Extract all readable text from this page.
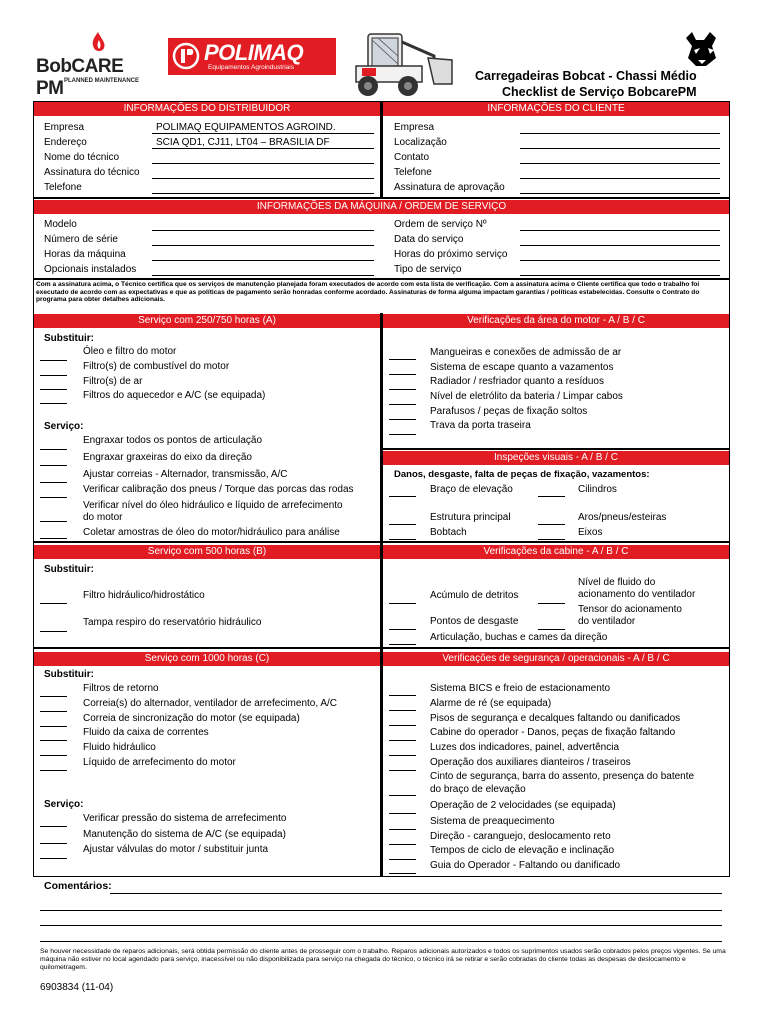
BobCARE PM PLANNED MAINTENANCE
POLIMAQ
Equipamentos Agroindustriais
Carregadeiras Bobcat - Chassi Médio
Checklist de Serviço BobcarePM
INFORMAÇÕES DO DISTRIBUIDOR	INFORMAÇÕES DO CLIENTE
Empresa	POLIMAQ EQUIPAMENTOS AGROIND.
Endereço	SCIA QD1, CJ11, LT04 – BRASILIA DF
Nome do técnico
Assinatura do técnico
Telefone
Empresa
Localização
Contato
Telefone
Assinatura de aprovação
INFORMAÇÕES DA MÁQUINA / ORDEM DE SERVIÇO
Modelo
Número de série
Horas da máquina
Opcionais instalados
Ordem de serviço Nº
Data do serviço
Horas do próximo serviço
Tipo de serviço
Com a assinatura acima, o Técnico certifica que os serviços de manutenção planejada foram executados de acordo com esta lista de verificação. Com a assinatura acima o Cliente certifica que todo o trabalho foi executado de acordo com as expectativas e que as políticas de pagamento serão honradas conforme acordado. Assinaturas de forma alguma impactam garantias / políticas estabelecidas. Consulte o Contrato do programa para obter detalhes adicionais.
Serviço com 250/750 horas (A)
Substituir:
Óleo e filtro do motor
Filtro(s) de combustível do motor
Filtro(s) de ar
Filtros do aquecedor e A/C (se equipada)
Serviço:
Engraxar todos os pontos de articulação
Engraxar graxeiras do eixo da direção
Ajustar correias - Alternador, transmissão, A/C
Verificar calibração dos pneus / Torque das porcas das rodas
Verificar nível do óleo hidráulico e líquido de arrefecimento
do motor
Coletar amostras de óleo do motor/hidráulico para análise
Verificações da área do motor - A / B / C
Mangueiras e conexões de admissão de ar
Sistema de escape quanto a vazamentos
Radiador / resfriador quanto a resíduos
Nível de eletrólito da bateria / Limpar cabos
Parafusos / peças de fixação soltos
Trava da porta traseira
Inspeções visuais - A / B / C
Danos, desgaste, falta de peças de fixação, vazamentos:
Braço de elevação	Cilindros
Estrutura principal	Aros/pneus/esteiras
Bobtach	Eixos
Serviço com 500 horas (B)	Verificações da cabine - A / B / C
Substituir:
Filtro hidráulico/hidrostático
Tampa respiro do reservatório hidráulico
Acúmulo de detritos
Nível de fluido do
acionamento do ventilador
Pontos de desgaste
Tensor do acionamento
do ventilador
Articulação, buchas e cames da direção
Serviço com 1000 horas (C)	Verificações de segurança / operacionais - A / B / C
Substituir:
Filtros de retorno
Correia(s) do alternador, ventilador de arrefecimento, A/C
Correia de sincronização do motor (se equipada)
Fluido da caixa de correntes
Fluido hidráulico
Líquido de arrefecimento do motor
Serviço:
Verificar pressão do sistema de arrefecimento
Manutenção do sistema de A/C (se equipada)
Ajustar válvulas do motor / substituir junta
Sistema BICS e freio de estacionamento
Alarme de ré (se equipada)
Pisos de segurança e decalques faltando ou danificados
Cabine do operador - Danos, peças de fixação faltando
Luzes dos indicadores, painel, advertência
Operação dos auxiliares dianteiros / traseiros
Cinto de segurança, barra do assento, presença do batente
do braço de elevação
Operação de 2 velocidades (se equipada)
Sistema de preaquecimento
Direção - caranguejo, deslocamento reto
Tempos de ciclo de elevação e inclinação
Guia do Operador - Faltando ou danificado
Comentários:
Se houver necessidade de reparos adicionais, será obtida permissão do cliente antes de prosseguir com o trabalho. Reparos adicionais autorizados e todos os suprimentos usados serão cobrados pelos preços vigentes. Se uma máquina não estiver no local agendado para serviço, inacessível ou não disponibilizada para serviço na chegada do técnico, o técnico irá se retirar e serão cobradas do cliente todas as despesas de deslocamento e quilometragem.
6903834 (11-04)
